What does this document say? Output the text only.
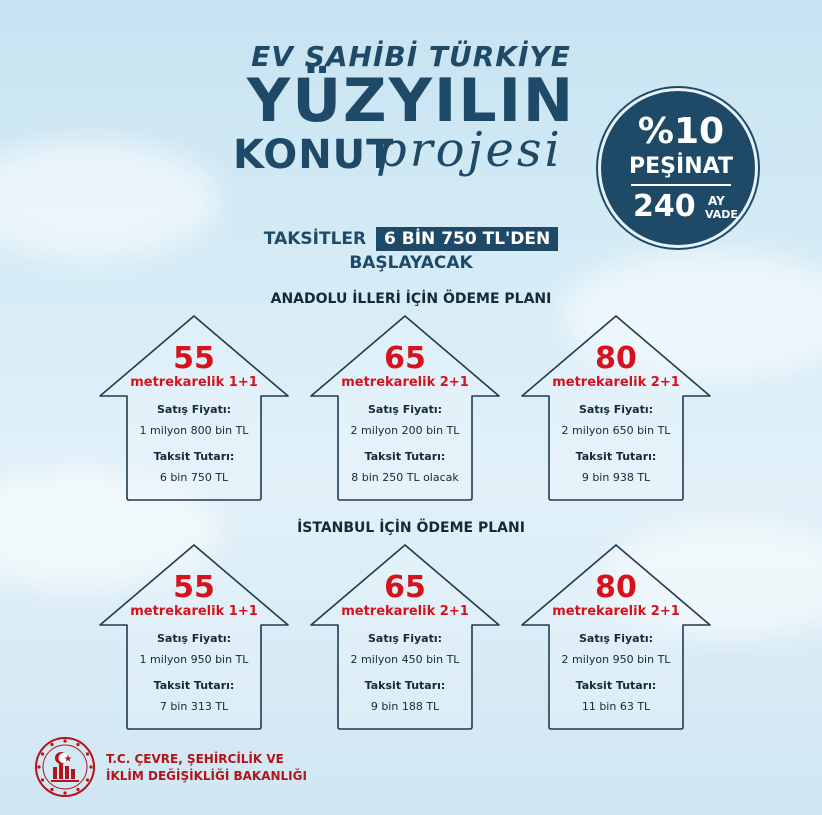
EV SAHİBİ TÜRKİYE
YÜZYILIN
KONUT
projesi	%10
PEŞİNAT
240 AY
VADE
TAKSİTLER 6 BİN 750 TL'DEN
BAŞLAYACAK
ANADOLU İLLERİ İÇİN ÖDEME PLANI
İSTANBUL İÇİN ÖDEME PLANI
55
metrekarelik 1+1
Satış Fiyatı:
1 milyon 800 bin TL
Taksit Tutarı:
6 bin 750 TL
65
metrekarelik 2+1
Satış Fiyatı:
2 milyon 200 bin TL
Taksit Tutarı:
8 bin 250 TL olacak
80
metrekarelik 2+1
Satış Fiyatı:
2 milyon 650 bin TL
Taksit Tutarı:
9 bin 938 TL
55
metrekarelik 1+1
Satış Fiyatı:
1 milyon 950 bin TL
Taksit Tutarı:
7 bin 313 TL
65
metrekarelik 2+1
Satış Fiyatı:
2 milyon 450 bin TL
Taksit Tutarı:
9 bin 188 TL
80
metrekarelik 2+1
Satış Fiyatı:
2 milyon 950 bin TL
Taksit Tutarı:
11 bin 63 TL
T.C. ÇEVRE, ŞEHİRCİLİK VE
İKLİM DEĞİŞİKLİĞİ BAKANLIĞI
